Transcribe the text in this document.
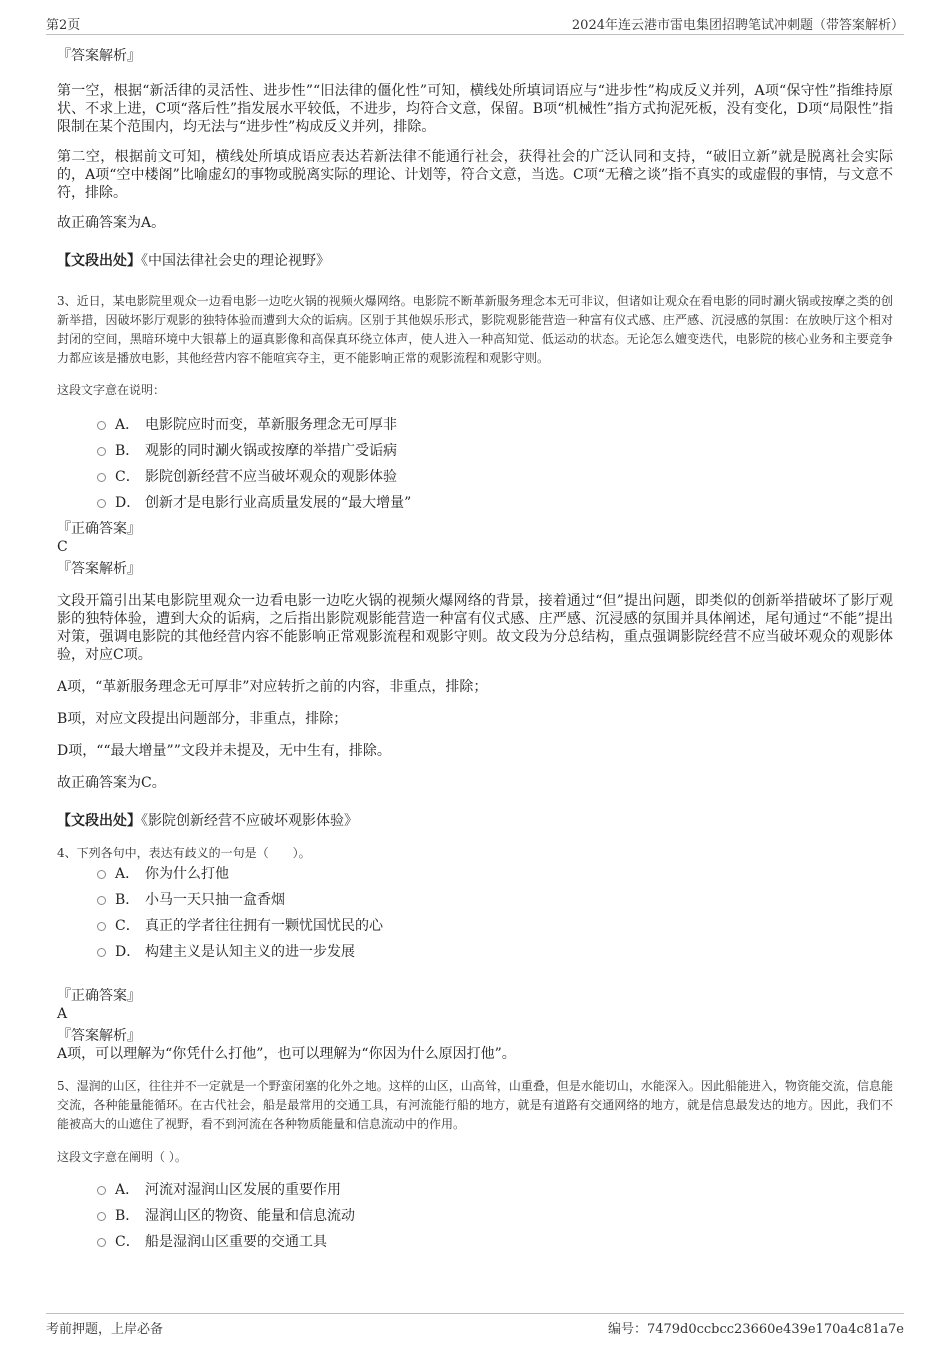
第2页	2024年连云港市雷电集团招聘笔试冲刺题（带答案解析）

『答案解析』

第一空，根据“新活律的灵活性、进步性”“旧法律的僵化性”可知，横线处所填词语应与“进步性”构成反义并列，A项“保守性”指维持原状、不求上进，C项“落后性”指发展水平较低，不进步，均符合文意，保留。B项“机械性”指方式拘泥死板，没有变化，D项“局限性”指限制在某个范围内，均无法与“进步性”构成反义并列，排除。

第二空，根据前文可知，横线处所填成语应表达若新法律不能通行社会，获得社会的广泛认同和支持，“破旧立新”就是脱离社会实际的，A项“空中楼阁”比喻虚幻的事物或脱离实际的理论、计划等，符合文意，当选。C项“无稽之谈”指不真实的或虚假的事情，与文意不符，排除。

故正确答案为A。

【文段出处】《中国法律社会史的理论视野》

3、近日，某电影院里观众一边看电影一边吃火锅的视频火爆网络。电影院不断革新服务理念本无可非议，但诸如让观众在看电影的同时涮火锅或按摩之类的创新举措，因破坏影厅观影的独特体验而遭到大众的诟病。区别于其他娱乐形式，影院观影能营造一种富有仪式感、庄严感、沉浸感的氛围：在放映厅这个相对封闭的空间，黑暗环境中大银幕上的逼真影像和高保真环绕立体声，使人进入一种高知觉、低运动的状态。无论怎么嬗变迭代，电影院的核心业务和主要竞争力都应该是播放电影，其他经营内容不能喧宾夺主，更不能影响正常的观影流程和观影守则。

这段文字意在说明：

A． 电影院应时而变，革新服务理念无可厚非
B． 观影的同时涮火锅或按摩的举措广受诟病
C． 影院创新经营不应当破坏观众的观影体验
D． 创新才是电影行业高质量发展的“最大增量”

『正确答案』

C

『答案解析』

文段开篇引出某电影院里观众一边看电影一边吃火锅的视频火爆网络的背景，接着通过“但”提出问题，即类似的创新举措破坏了影厅观影的独特体验，遭到大众的诟病，之后指出影院观影能营造一种富有仪式感、庄严感、沉浸感的氛围并具体阐述，尾句通过“不能”提出对策，强调电影院的其他经营内容不能影响正常观影流程和观影守则。故文段为分总结构，重点强调影院经营不应当破坏观众的观影体验，对应C项。

A项，“革新服务理念无可厚非”对应转折之前的内容，非重点，排除；

B项，对应文段提出问题部分，非重点，排除；

D项，““最大增量””文段并未提及，无中生有，排除。

故正确答案为C。

【文段出处】《影院创新经营不应破坏观影体验》

4、下列各句中，表达有歧义的一句是（　　）。

A． 你为什么打他
B． 小马一天只抽一盒香烟
C． 真正的学者往往拥有一颗忧国忧民的心
D． 构建主义是认知主义的进一步发展

『正确答案』

A

『答案解析』

A项，可以理解为“你凭什么打他”，也可以理解为“你因为什么原因打他”。

5、湿润的山区，往往并不一定就是一个野蛮闭塞的化外之地。这样的山区，山高耸，山重叠，但是水能切山，水能深入。因此船能进入，物资能交流，信息能交流，各种能量能循环。在古代社会，船是最常用的交通工具，有河流能行船的地方，就是有道路有交通网络的地方，就是信息最发达的地方。因此，我们不能被高大的山遮住了视野，看不到河流在各种物质能量和信息流动中的作用。

这段文字意在阐明（ ）。

A． 河流对湿润山区发展的重要作用
B． 湿润山区的物资、能量和信息流动
C． 船是湿润山区重要的交通工具
考前押题，上岸必备	编号：7479d0ccbcc23660e439e170a4c81a7e
